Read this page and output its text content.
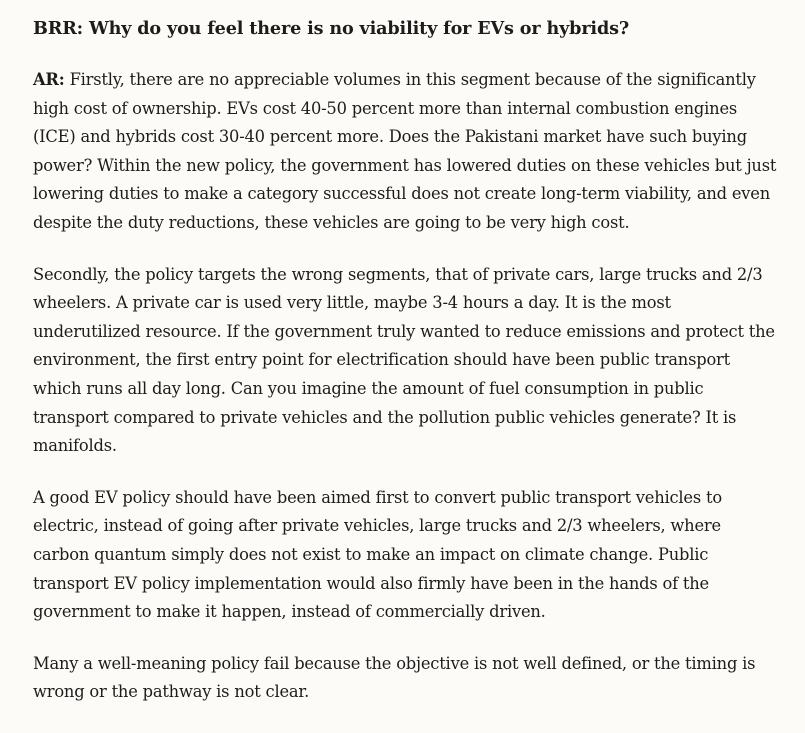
BRR: Why do you feel there is no viability for EVs or hybrids?

AR: Firstly, there are no appreciable volumes in this segment because of the significantly high cost of ownership. EVs cost 40-50 percent more than internal combustion engines (ICE) and hybrids cost 30-40 percent more. Does the Pakistani market have such buying power? Within the new policy, the government has lowered duties on these vehicles but just lowering duties to make a category successful does not create long-term viability, and even despite the duty reductions, these vehicles are going to be very high cost.

Secondly, the policy targets the wrong segments, that of private cars, large trucks and 2/3 wheelers. A private car is used very little, maybe 3-4 hours a day. It is the most underutilized resource. If the government truly wanted to reduce emissions and protect the environment, the first entry point for electrification should have been public transport which runs all day long. Can you imagine the amount of fuel consumption in public transport compared to private vehicles and the pollution public vehicles generate? It is manifolds.

A good EV policy should have been aimed first to convert public transport vehicles to electric, instead of going after private vehicles, large trucks and 2/3 wheelers, where carbon quantum simply does not exist to make an impact on climate change. Public transport EV policy implementation would also firmly have been in the hands of the government to make it happen, instead of commercially driven.

Many a well-meaning policy fail because the objective is not well defined, or the timing is wrong or the pathway is not clear.
